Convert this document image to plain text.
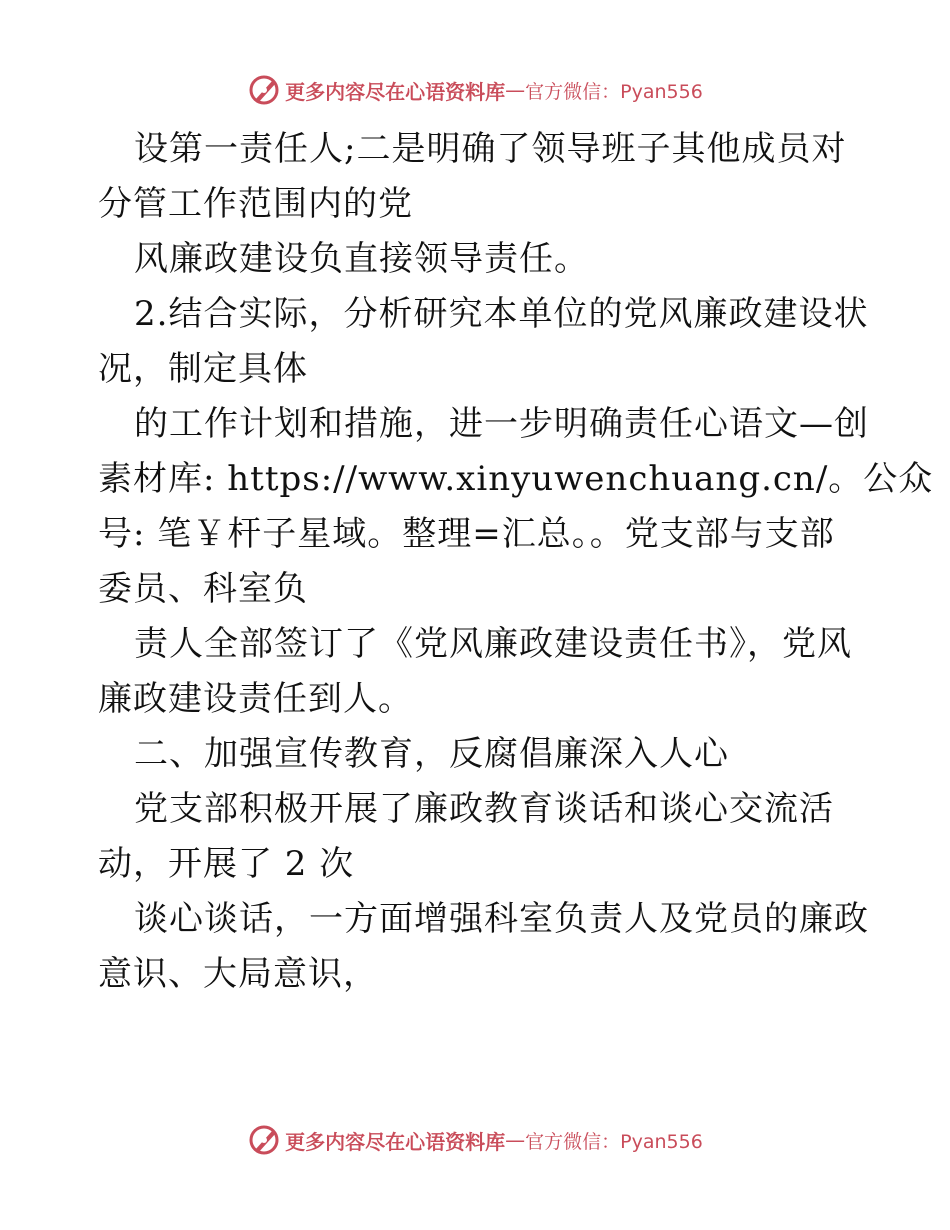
更多内容尽在心语资料库 — 官方微信：Pyan556
设第一责任人;二是明确了领导班子其他成员对
分管工作范围内的党
风廉政建设负直接领导责任。
2.结合实际，分析研究本单位的党风廉政建设状
况，制定具体
的工作计划和措施，进一步明确责任心语文—创
素材库: https://www.xinyuwenchuang.cn/。公众
号: 笔￥杆子星域。整理=汇总。。党支部与支部
委员、科室负
责人全部签订了《党风廉政建设责任书》，党风
廉政建设责任到人。
二、加强宣传教育，反腐倡廉深入人心
党支部积极开展了廉政教育谈话和谈心交流活
动，开展了 2 次
谈心谈话，一方面增强科室负责人及党员的廉政
意识、大局意识，
更多内容尽在心语资料库 — 官方微信：Pyan556
